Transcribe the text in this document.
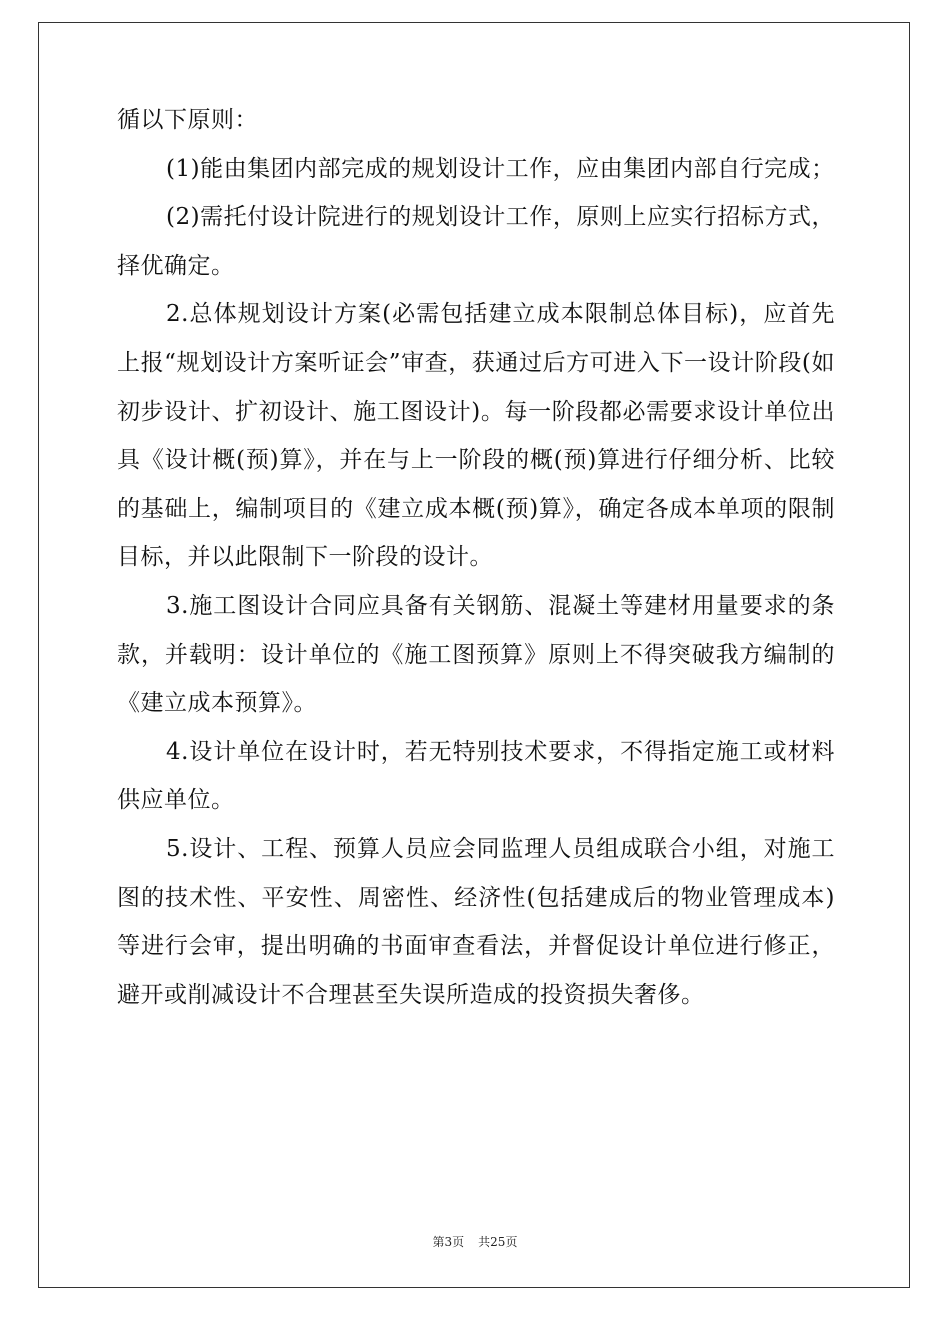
循以下原则：

(1)能由集团内部完成的规划设计工作，应由集团内部自行完成；

(2)需托付设计院进行的规划设计工作，原则上应实行招标方式，择优确定。

2.总体规划设计方案(必需包括建立成本限制总体目标)，应首先上报“规划设计方案听证会”审查，获通过后方可进入下一设计阶段(如初步设计、扩初设计、施工图设计)。每一阶段都必需要求设计单位出具《设计概(预)算》，并在与上一阶段的概(预)算进行仔细分析、比较的基础上，编制项目的《建立成本概(预)算》，确定各成本单项的限制目标，并以此限制下一阶段的设计。

3.施工图设计合同应具备有关钢筋、混凝土等建材用量要求的条款，并载明：设计单位的《施工图预算》原则上不得突破我方编制的《建立成本预算》。

4.设计单位在设计时，若无特别技术要求，不得指定施工或材料供应单位。

5.设计、工程、预算人员应会同监理人员组成联合小组，对施工图的技术性、平安性、周密性、经济性(包括建成后的物业管理成本)等进行会审，提出明确的书面审查看法，并督促设计单位进行修正，避开或削减设计不合理甚至失误所造成的投资损失奢侈。

第3页 共25页
